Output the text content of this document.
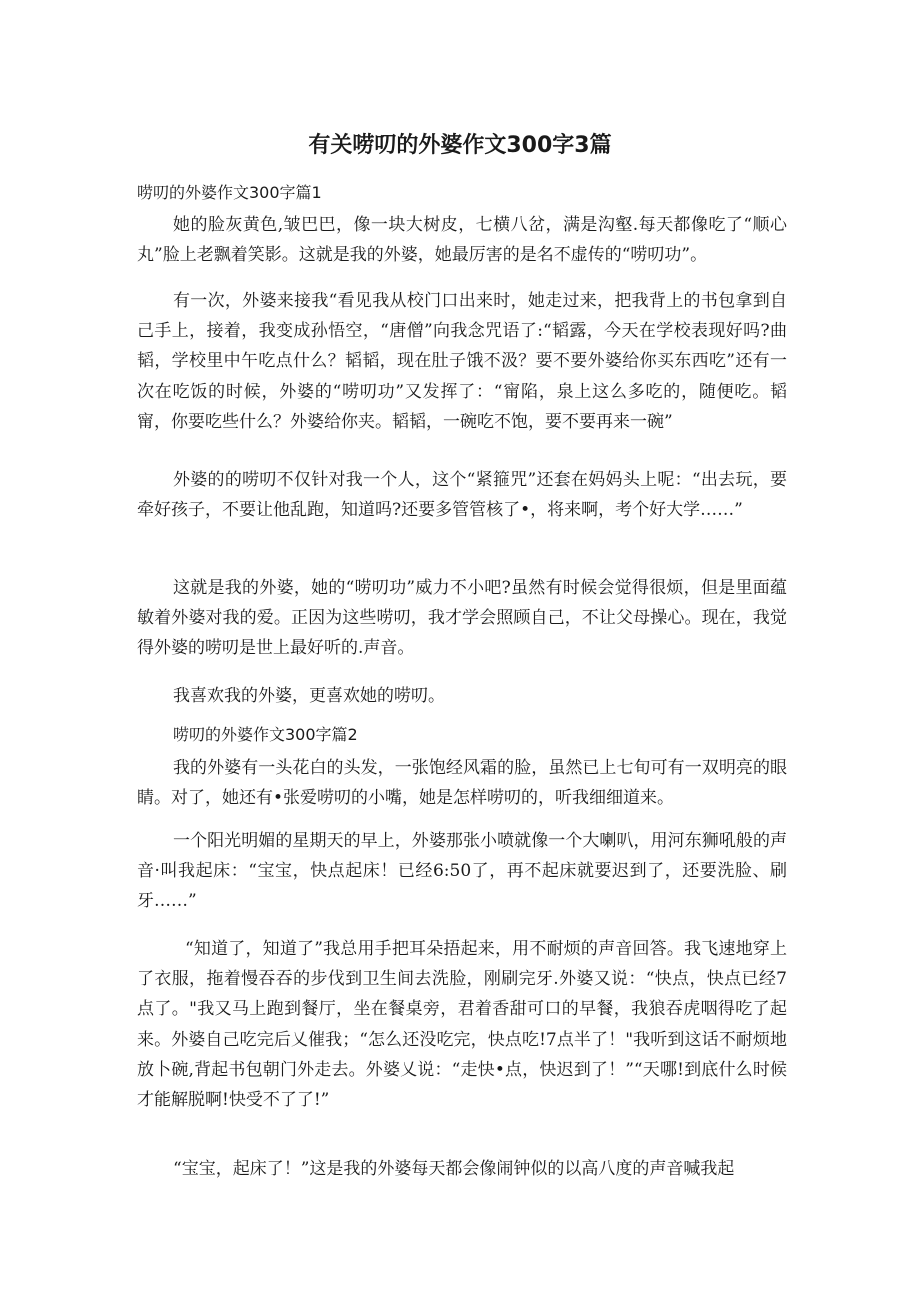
有关唠叨的外婆作文300字3篇
唠叨的外婆作文300字篇1

她的脸灰黄色,皱巴巴，像一块大树皮，七横八岔，满是沟壑.每天都像吃了“顺心丸”脸上老飘着笑影。这就是我的外婆，她最厉害的是名不虚传的“唠叨功”。

有一次，外婆来接我“看见我从校门口出来时，她走过来，把我背上的书包拿到自己手上，接着，我变成孙悟空，“唐僧”向我念咒语了:“韬露，今天在学校表现好吗?曲韬，学校里中午吃点什么？韬韬，现在肚子饿不汲？要不要外婆给你买东西吃”还有一次在吃饭的时候，外婆的“唠叨功”又发挥了：“甯陷，泉上这么多吃的，随便吃。韬甯，你要吃些什么？外婆给你夹。韬韬，一碗吃不饱，要不要再来一碗”

外婆的的唠叨不仅针对我一个人，这个“紧箍咒”还套在妈妈头上呢：“出去玩，要牵好孩子，不要让他乱跑，知道吗?还要多管管核了•，将来啊，考个好大学……”

这就是我的外婆，她的“唠叨功”威力不小吧?虽然有时候会觉得很烦，但是里面蕴敏着外婆对我的爱。正因为这些唠叨，我才学会照顾自己，不让父母操心。现在，我觉得外婆的唠叨是世上最好听的.声音。

我喜欢我的外婆，更喜欢她的唠叨。

唠叨的外婆作文300字篇2

我的外婆有一头花白的头发，一张饱经风霜的脸，虽然已上七旬可有一双明亮的眼睛。对了，她还有•张爱唠叨的小嘴，她是怎样唠叨的，听我细细道来。

一个阳光明媚的星期天的早上，外婆那张小喷就像一个大喇叭，用河东狮吼般的声音·叫我起床：“宝宝，快点起床！已经6:50了，再不起床就要迟到了，还要洗脸、刷牙……”

“知道了，知道了”我总用手把耳朵捂起来，用不耐烦的声音回答。我飞速地穿上了衣服，拖着慢吞吞的步伐到卫生间去洗脸，刚刷完牙.外婆又说：“快点，快点已经7点了。"我又马上跑到餐厅，坐在餐桌旁，君着香甜可口的早餐，我狼吞虎咽得吃了起来。外婆自己吃完后乂催我；“怎么还没吃完，快点吃!7点半了！"我听到这话不耐烦地放卜碗,背起书包朝门外走去。外婆乂说：“走快•点，快迟到了！”“天哪!到底什么时候才能解脱啊!快受不了了!”

“宝宝，起床了！”这是我的外婆每天都会像闹钟似的以高八度的声音喊我起
